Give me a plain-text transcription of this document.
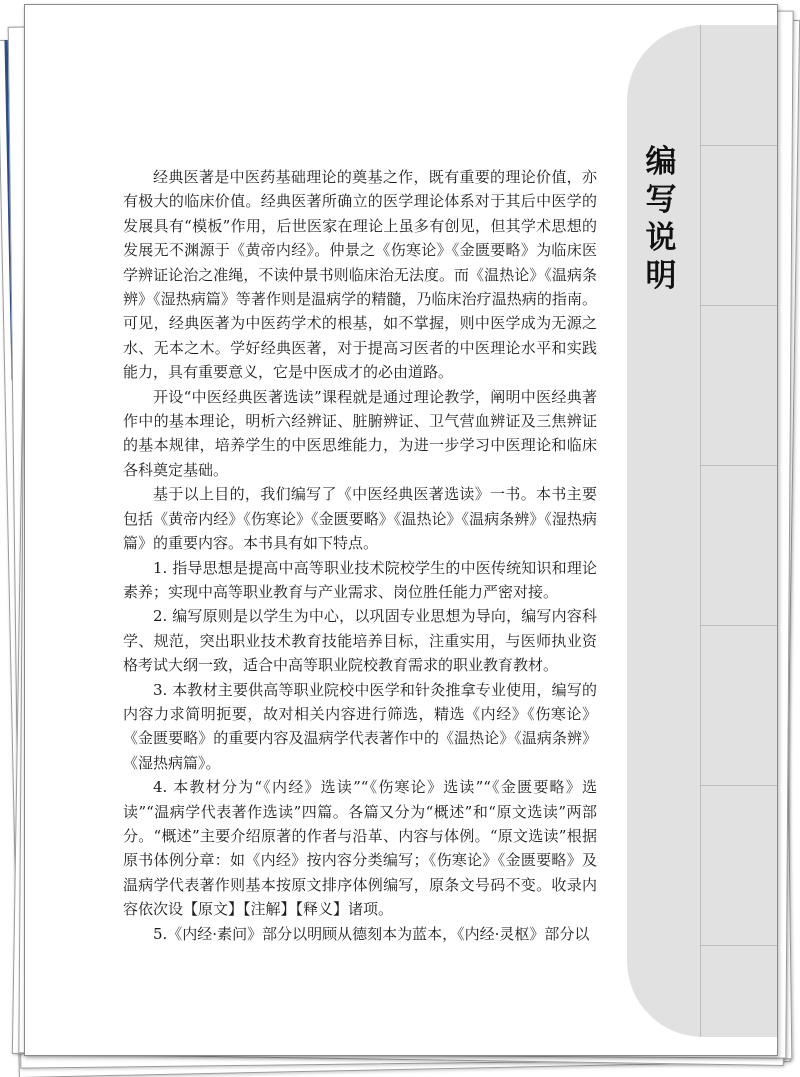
编
写
说
明

经典医著是中医药基础理论的奠基之作，既有重要的理论价值，亦有极大的临床价值。经典医著所确立的医学理论体系对于其后中医学的发展具有“模板”作用，后世医家在理论上虽多有创见，但其学术思想的发展无不渊源于《黄帝内经》。仲景之《伤寒论》《金匮要略》为临床医学辨证论治之准绳，不读仲景书则临床治无法度。而《温热论》《温病条辨》《湿热病篇》等著作则是温病学的精髓，乃临床治疗温热病的指南。可见，经典医著为中医药学术的根基，如不掌握，则中医学成为无源之水、无本之木。学好经典医著，对于提高习医者的中医理论水平和实践能力，具有重要意义，它是中医成才的必由道路。

开设“中医经典医著选读”课程就是通过理论教学，阐明中医经典著作中的基本理论，明析六经辨证、脏腑辨证、卫气营血辨证及三焦辨证的基本规律，培养学生的中医思维能力，为进一步学习中医理论和临床各科奠定基础。

基于以上目的，我们编写了《中医经典医著选读》一书。本书主要包括《黄帝内经》《伤寒论》《金匮要略》《温热论》《温病条辨》《湿热病篇》的重要内容。本书具有如下特点。

1. 指导思想是提高中高等职业技术院校学生的中医传统知识和理论素养；实现中高等职业教育与产业需求、岗位胜任能力严密对接。

2. 编写原则是以学生为中心，以巩固专业思想为导向，编写内容科学、规范，突出职业技术教育技能培养目标，注重实用，与医师执业资格考试大纲一致，适合中高等职业院校教育需求的职业教育教材。

3. 本教材主要供高等职业院校中医学和针灸推拿专业使用，编写的内容力求简明扼要，故对相关内容进行筛选，精选《内经》《伤寒论》《金匮要略》的重要内容及温病学代表著作中的《温热论》《温病条辨》《湿热病篇》。

4. 本教材分为“《内经》选读”“《伤寒论》选读”“《金匮要略》选读”“温病学代表著作选读”四篇。各篇又分为“概述”和“原文选读”两部分。“概述”主要介绍原著的作者与沿革、内容与体例。“原文选读”根据原书体例分章：如《内经》按内容分类编写；《伤寒论》《金匮要略》及温病学代表著作则基本按原文排序体例编写，原条文号码不变。收录内容依次设【原文】【注解】【释义】诸项。

5.《内经·素问》部分以明顾从德刻本为蓝本，《内经·灵枢》部分以
